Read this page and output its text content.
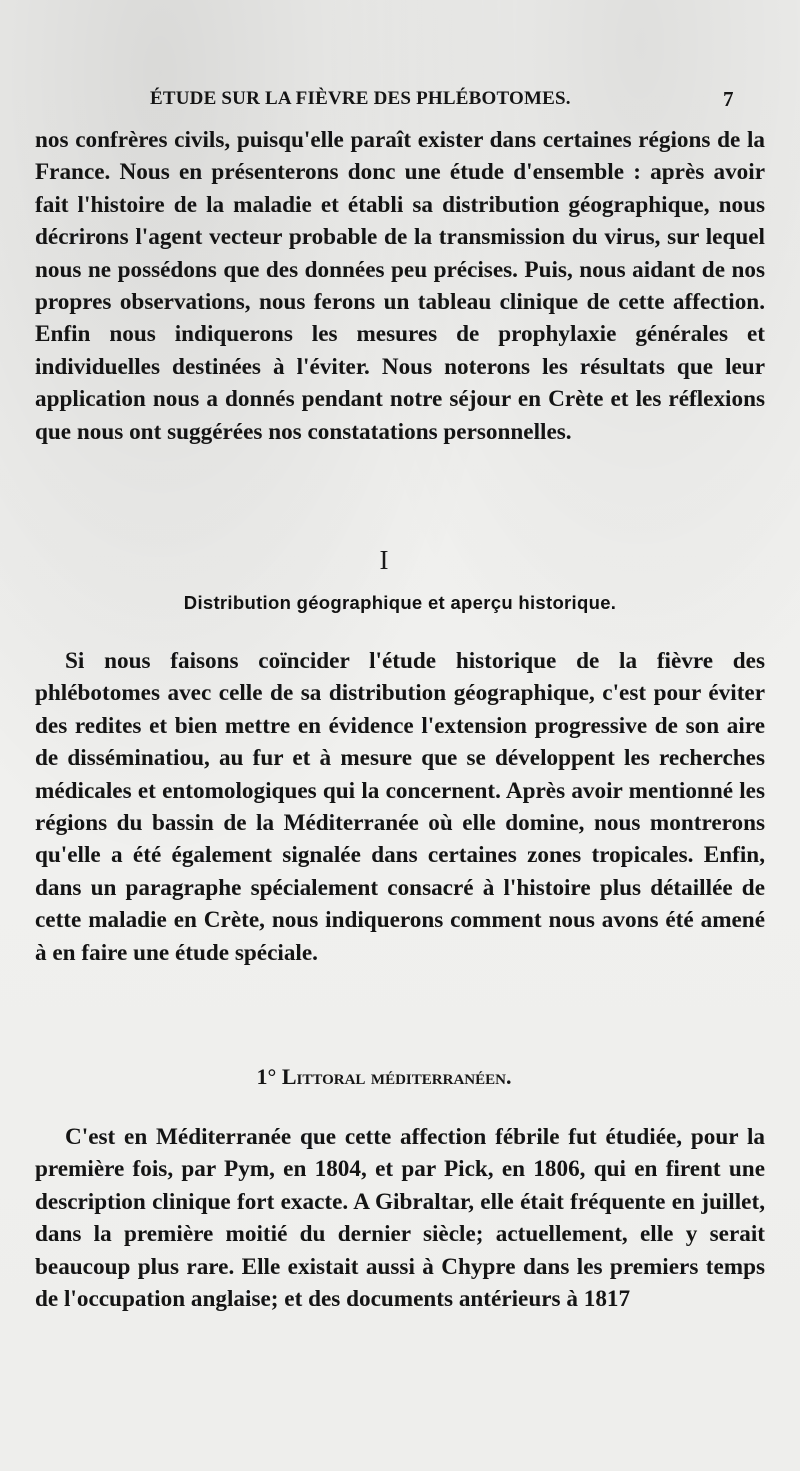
ÉTUDE SUR LA FIÈVRE DES PHLÉBOTOMES.	7

nos confrères civils, puisqu'elle paraît exister dans certaines régions de la France. Nous en présenterons donc une étude d'ensemble : après avoir fait l'histoire de la maladie et établi sa distribution géographique, nous décrirons l'agent vecteur probable de la transmission du virus, sur lequel nous ne possédons que des données peu précises. Puis, nous aidant de nos propres observations, nous ferons un tableau clinique de cette affection. Enfin nous indiquerons les mesures de prophylaxie générales et individuelles destinées à l'éviter. Nous noterons les résultats que leur application nous a donnés pendant notre séjour en Crète et les réflexions que nous ont suggérées nos constatations personnelles.

I
Distribution géographique et aperçu historique.

Si nous faisons coïncider l'étude historique de la fièvre des phlébotomes avec celle de sa distribution géographique, c'est pour éviter des redites et bien mettre en évidence l'extension progressive de son aire de disséminatiou, au fur et à mesure que se développent les recherches médicales et entomologiques qui la concernent. Après avoir mentionné les régions du bassin de la Méditerranée où elle domine, nous montrerons qu'elle a été également signalée dans certaines zones tropicales. Enfin, dans un paragraphe spécialement consacré à l'histoire plus détaillée de cette maladie en Crète, nous indiquerons comment nous avons été amené à en faire une étude spéciale.

1° Littoral méditerranéen.

C'est en Méditerranée que cette affection fébrile fut étudiée, pour la première fois, par Pym, en 1804, et par Pick, en 1806, qui en firent une description clinique fort exacte. A Gibraltar, elle était fréquente en juillet, dans la première moitié du dernier siècle; actuellement, elle y serait beaucoup plus rare. Elle existait aussi à Chypre dans les premiers temps de l'occupation anglaise; et des documents antérieurs à 1817
